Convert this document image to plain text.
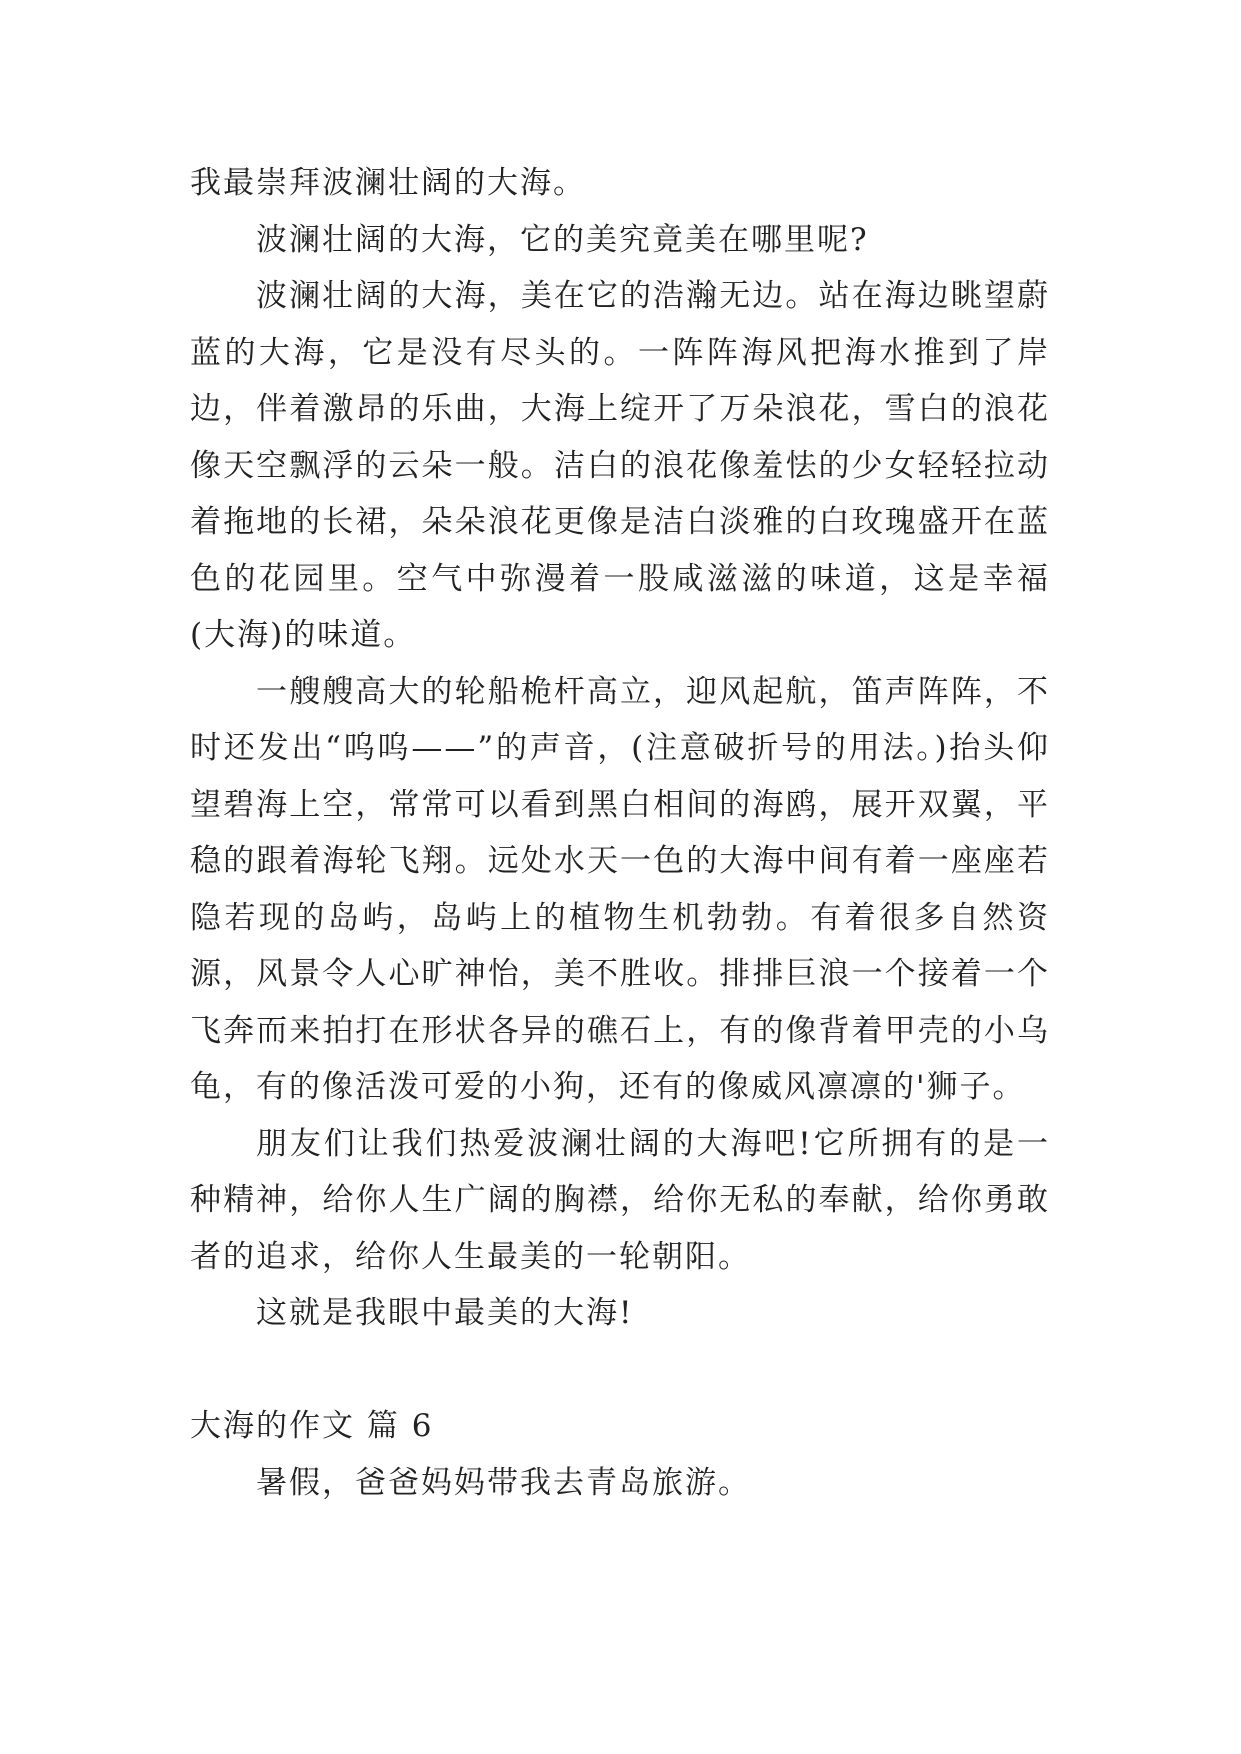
我最崇拜波澜壮阔的大海。

波澜壮阔的大海，它的美究竟美在哪里呢?

波澜壮阔的大海，美在它的浩瀚无边。站在海边眺望蔚蓝的大海，它是没有尽头的。一阵阵海风把海水推到了岸边，伴着激昂的乐曲，大海上绽开了万朵浪花，雪白的浪花像天空飘浮的云朵一般。洁白的浪花像羞怯的少女轻轻拉动着拖地的长裙，朵朵浪花更像是洁白淡雅的白玫瑰盛开在蓝色的花园里。空气中弥漫着一股咸滋滋的味道，这是幸福(大海)的味道。

一艘艘高大的轮船桅杆高立，迎风起航，笛声阵阵，不时还发出“呜呜——”的声音，(注意破折号的用法。)抬头仰望碧海上空，常常可以看到黑白相间的海鸥，展开双翼，平稳的跟着海轮飞翔。远处水天一色的大海中间有着一座座若隐若现的岛屿，岛屿上的植物生机勃勃。有着很多自然资源，风景令人心旷神怡，美不胜收。排排巨浪一个接着一个飞奔而来拍打在形状各异的礁石上，有的像背着甲壳的小乌龟，有的像活泼可爱的小狗，还有的像威风凛凛的'狮子。

朋友们让我们热爱波澜壮阔的大海吧!它所拥有的是一种精神，给你人生广阔的胸襟，给你无私的奉献，给你勇敢者的追求，给你人生最美的一轮朝阳。

这就是我眼中最美的大海!

大海的作文 篇 6

暑假，爸爸妈妈带我去青岛旅游。
